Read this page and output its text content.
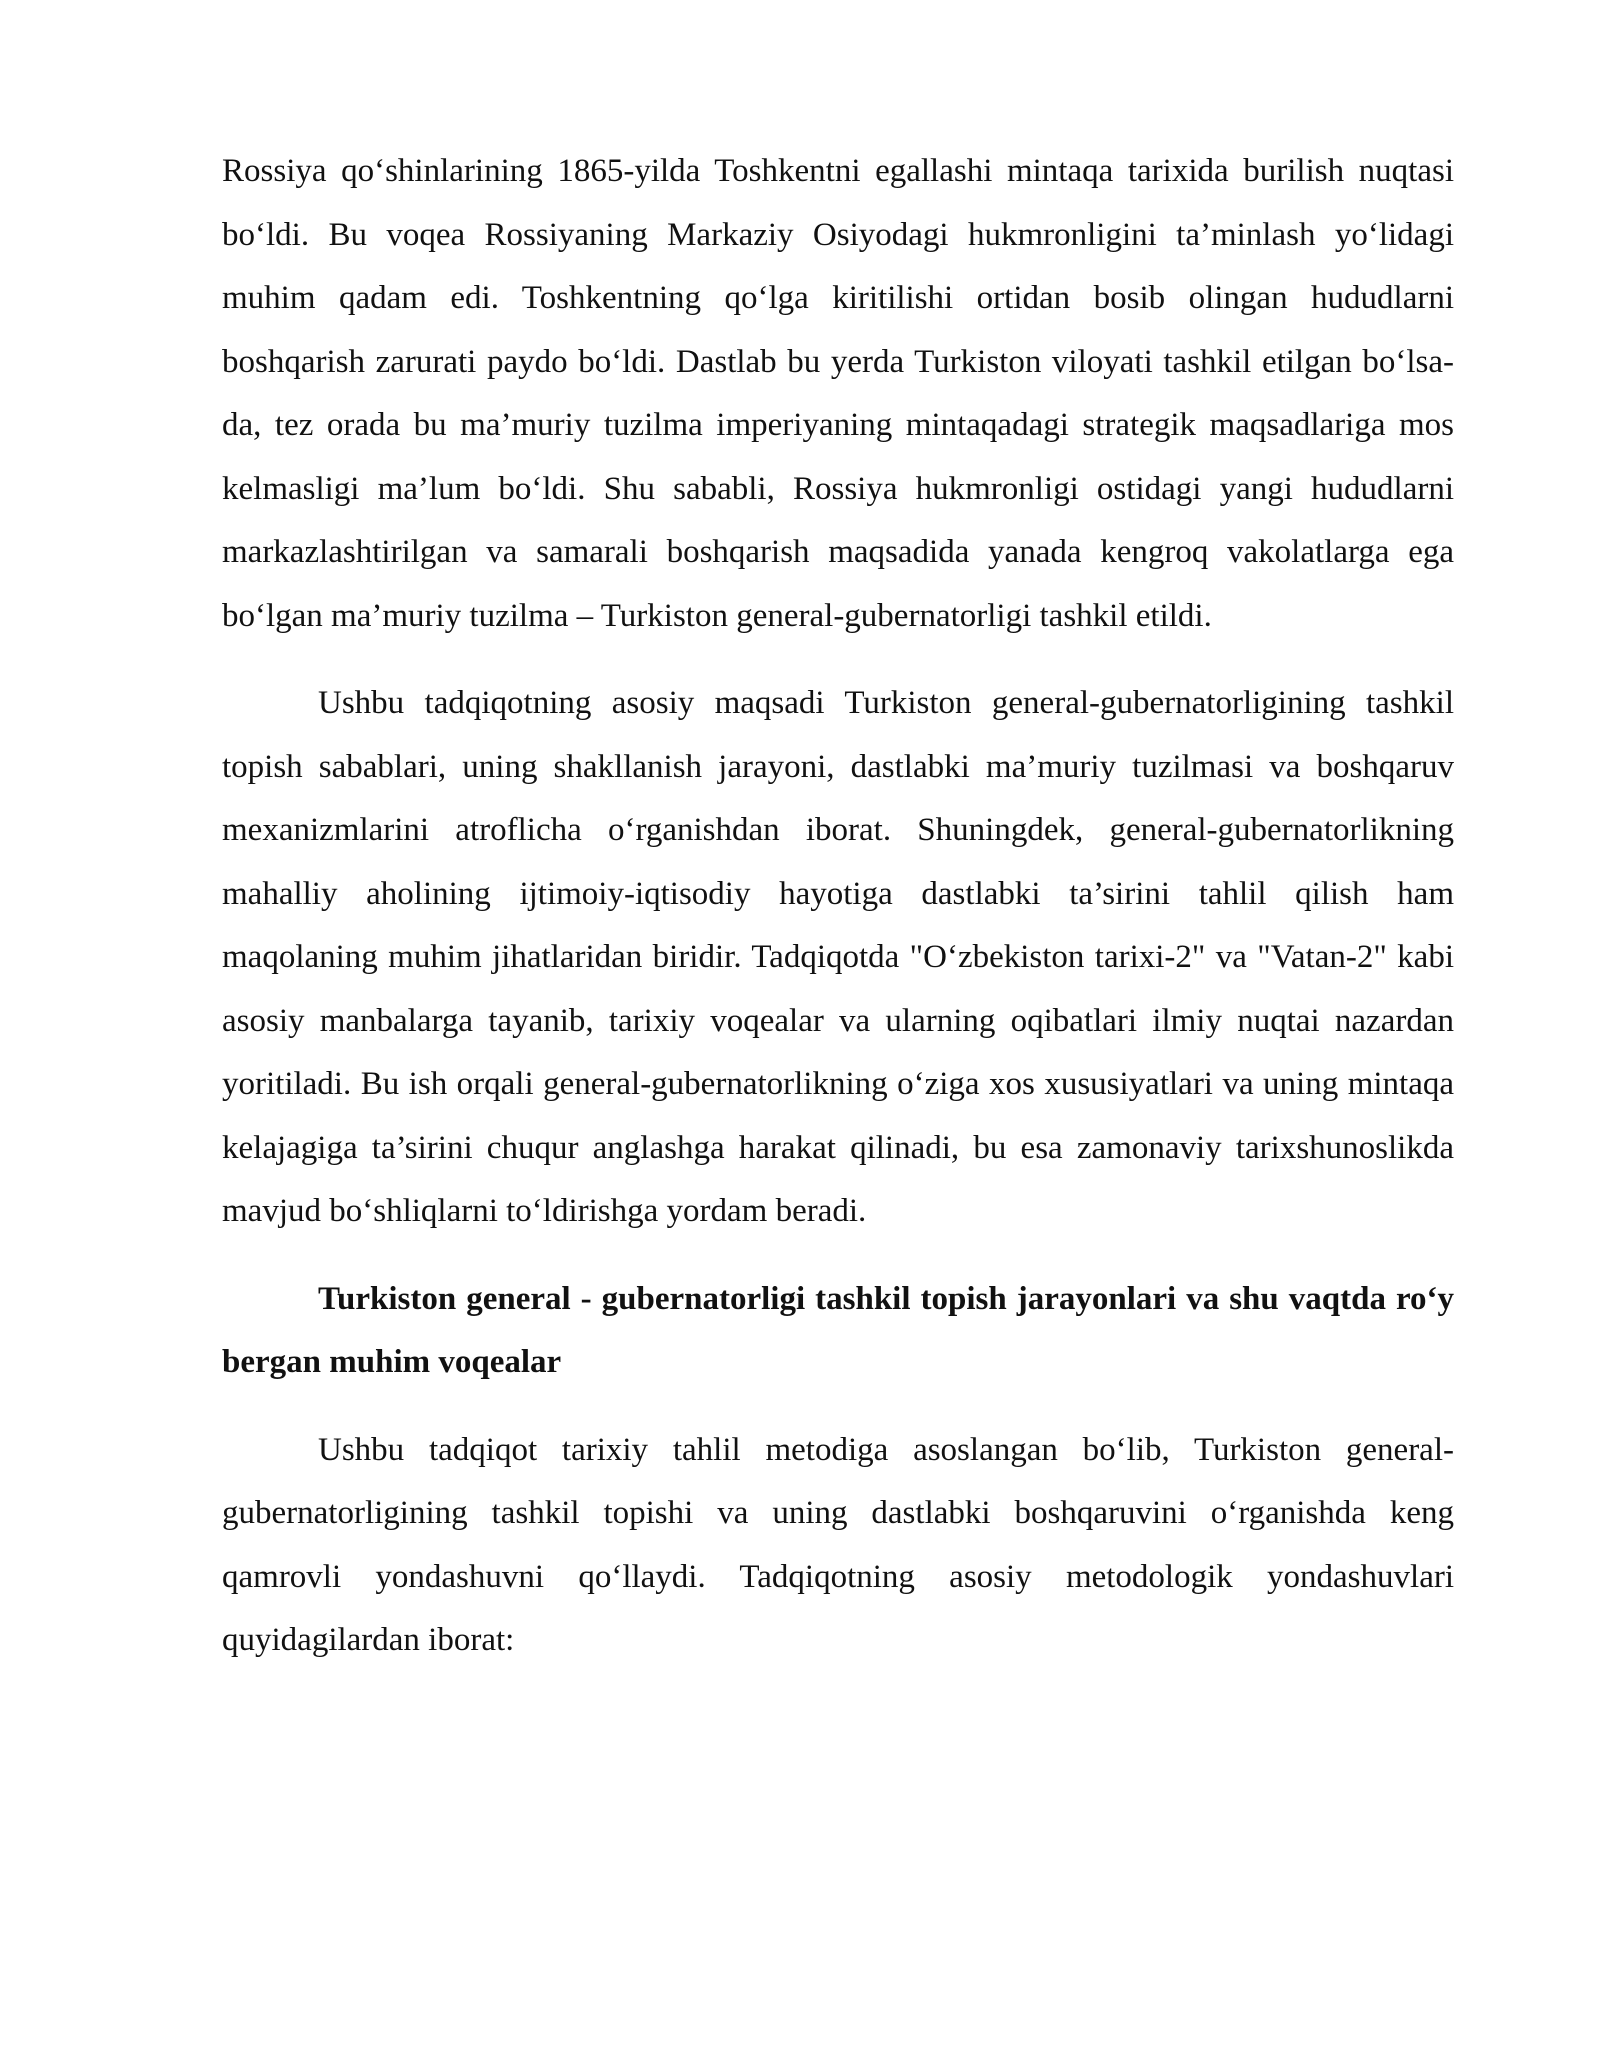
Rossiya qo‘shinlarining 1865-yilda Toshkentni egallashi mintaqa tarixida burilish nuqtasi bo‘ldi. Bu voqea Rossiyaning Markaziy Osiyodagi hukmronligini ta’minlash yo‘lidagi muhim qadam edi. Toshkentning qo‘lga kiritilishi ortidan bosib olingan hududlarni boshqarish zarurati paydo bo‘ldi. Dastlab bu yerda Turkiston viloyati tashkil etilgan bo‘lsa-da, tez orada bu ma’muriy tuzilma imperiyaning mintaqadagi strategik maqsadlariga mos kelmasligi ma’lum bo‘ldi. Shu sababli, Rossiya hukmronligi ostidagi yangi hududlarni markazlashtirilgan va samarali boshqarish maqsadida yanada kengroq vakolatlarga ega bo‘lgan ma’muriy tuzilma – Turkiston general-gubernatorligi tashkil etildi.

Ushbu tadqiqotning asosiy maqsadi Turkiston general-gubernatorligining tashkil topish sabablari, uning shakllanish jarayoni, dastlabki ma’muriy tuzilmasi va boshqaruv mexanizmlarini atroflicha o‘rganishdan iborat. Shuningdek, general-gubernatorlikning mahalliy aholining ijtimoiy-iqtisodiy hayotiga dastlabki ta’sirini tahlil qilish ham maqolaning muhim jihatlaridan biridir. Tadqiqotda "O‘zbekiston tarixi-2" va "Vatan-2" kabi asosiy manbalarga tayanib, tarixiy voqealar va ularning oqibatlari ilmiy nuqtai nazardan yoritiladi. Bu ish orqali general-gubernatorlikning o‘ziga xos xususiyatlari va uning mintaqa kelajagiga ta’sirini chuqur anglashga harakat qilinadi, bu esa zamonaviy tarixshunoslikda mavjud bo‘shliqlarni to‘ldirishga yordam beradi.

Turkiston general - gubernatorligi tashkil topish jarayonlari va shu vaqtda ro‘y bergan muhim voqealar

Ushbu tadqiqot tarixiy tahlil metodiga asoslangan bo‘lib, Turkiston general-gubernatorligining tashkil topishi va uning dastlabki boshqaruvini o‘rganishda keng qamrovli yondashuvni qo‘llaydi. Tadqiqotning asosiy metodologik yondashuvlari quyidagilardan iborat:
